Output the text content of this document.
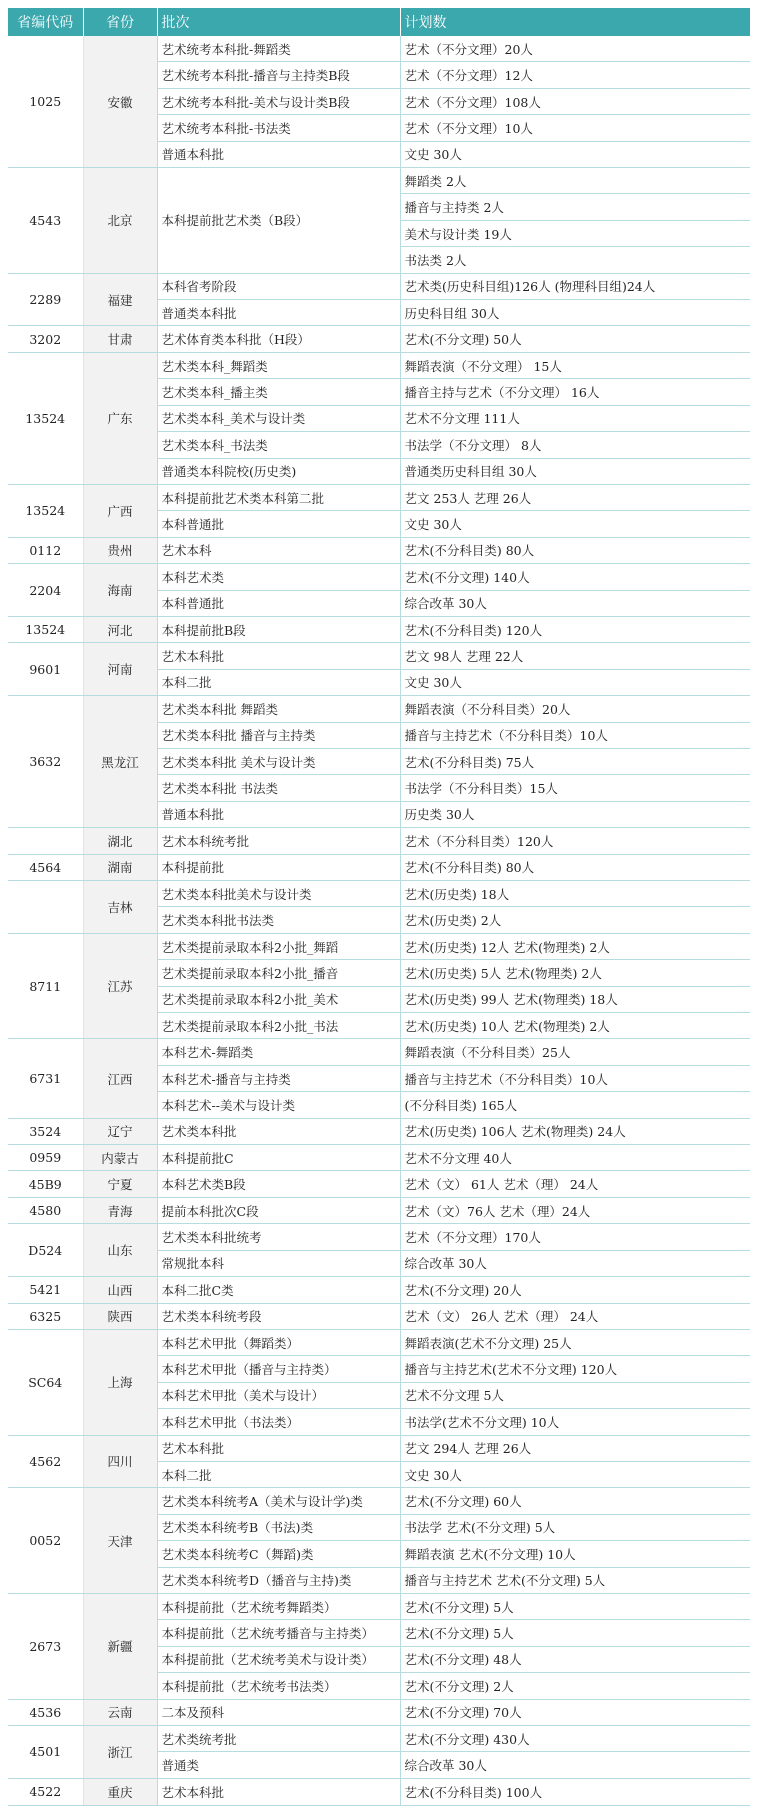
省编代码	省份	批次	计划数
1025	安徽	艺术统考本科批-舞蹈类	艺术（不分文理）20人
		艺术统考本科批-播音与主持类B段	艺术（不分文理）12人
		艺术统考本科批-美术与设计类B段	艺术（不分文理）108人
		艺术统考本科批-书法类	艺术（不分文理）10人
		普通本科批	文史 30人
4543	北京	本科提前批艺术类（B段）	舞蹈类 2人
			播音与主持类 2人
			美术与设计类 19人
			书法类 2人
2289	福建	本科省考阶段	艺术类(历史科目组)126人 (物理科目组)24人
		普通类本科批	历史科目组 30人
3202	甘肃	艺术体育类本科批（H段）	艺术(不分文理) 50人
13524	广东	艺术类本科_舞蹈类	舞蹈表演（不分文理） 15人
		艺术类本科_播主类	播音主持与艺术（不分文理） 16人
		艺术类本科_美术与设计类	艺术不分文理 111人
		艺术类本科_书法类	书法学（不分文理） 8人
		普通类本科院校(历史类)	普通类历史科目组 30人
13524	广西	本科提前批艺术类本科第二批	艺文 253人 艺理 26人
		本科普通批	文史 30人
0112	贵州	艺术本科	艺术(不分科目类) 80人
2204	海南	本科艺术类	艺术(不分文理) 140人
		本科普通批	综合改革 30人
13524	河北	本科提前批B段	艺术(不分科目类) 120人
9601	河南	艺术本科批	艺文 98人 艺理 22人
		本科二批	文史 30人
3632	黑龙江	艺术类本科批 舞蹈类	舞蹈表演（不分科目类）20人
		艺术类本科批 播音与主持类	播音与主持艺术（不分科目类）10人
		艺术类本科批 美术与设计类	艺术(不分科目类) 75人
		艺术类本科批 书法类	书法学（不分科目类）15人
		普通本科批	历史类 30人
	湖北	艺术本科统考批	艺术（不分科目类）120人
4564	湖南	本科提前批	艺术(不分科目类) 80人
	吉林	艺术类本科批美术与设计类	艺术(历史类) 18人
		艺术类本科批书法类	艺术(历史类) 2人
8711	江苏	艺术类提前录取本科2小批_舞蹈	艺术(历史类) 12人 艺术(物理类) 2人
		艺术类提前录取本科2小批_播音	艺术(历史类) 5人 艺术(物理类) 2人
		艺术类提前录取本科2小批_美术	艺术(历史类) 99人 艺术(物理类) 18人
		艺术类提前录取本科2小批_书法	艺术(历史类) 10人 艺术(物理类) 2人
6731	江西	本科艺术-舞蹈类	舞蹈表演（不分科目类）25人
		本科艺术-播音与主持类	播音与主持艺术（不分科目类）10人
		本科艺术--美术与设计类	(不分科目类) 165人
3524	辽宁	艺术类本科批	艺术(历史类) 106人 艺术(物理类) 24人
0959	内蒙古	本科提前批C	艺术不分文理 40人
45B9	宁夏	本科艺术类B段	艺术（文） 61人 艺术（理） 24人
4580	青海	提前本科批次C段	艺术（文）76人 艺术（理）24人
D524	山东	艺术类本科批统考	艺术（不分文理）170人
		常规批本科	综合改革 30人
5421	山西	本科二批C类	艺术(不分文理) 20人
6325	陕西	艺术类本科统考段	艺术（文） 26人 艺术（理） 24人
SC64	上海	本科艺术甲批（舞蹈类）	舞蹈表演(艺术不分文理) 25人
		本科艺术甲批（播音与主持类）	播音与主持艺术(艺术不分文理) 120人
		本科艺术甲批（美术与设计）	艺术不分文理 5人
		本科艺术甲批（书法类）	书法学(艺术不分文理) 10人
4562	四川	艺术本科批	艺文 294人 艺理 26人
		本科二批	文史 30人
0052	天津	艺术类本科统考A（美术与设计学)类	艺术(不分文理) 60人
		艺术类本科统考B（书法)类	书法学 艺术(不分文理) 5人
		艺术类本科统考C（舞蹈)类	舞蹈表演 艺术(不分文理) 10人
		艺术类本科统考D（播音与主持)类	播音与主持艺术 艺术(不分文理) 5人
2673	新疆	本科提前批（艺术统考舞蹈类）	艺术(不分文理) 5人
		本科提前批（艺术统考播音与主持类）	艺术(不分文理) 5人
		本科提前批（艺术统考美术与设计类）	艺术(不分文理) 48人
		本科提前批（艺术统考书法类）	艺术(不分文理) 2人
4536	云南	二本及预科	艺术(不分文理) 70人
4501	浙江	艺术类统考批	艺术(不分文理) 430人
		普通类	综合改革 30人
4522	重庆	艺术本科批	艺术(不分科目类) 100人
